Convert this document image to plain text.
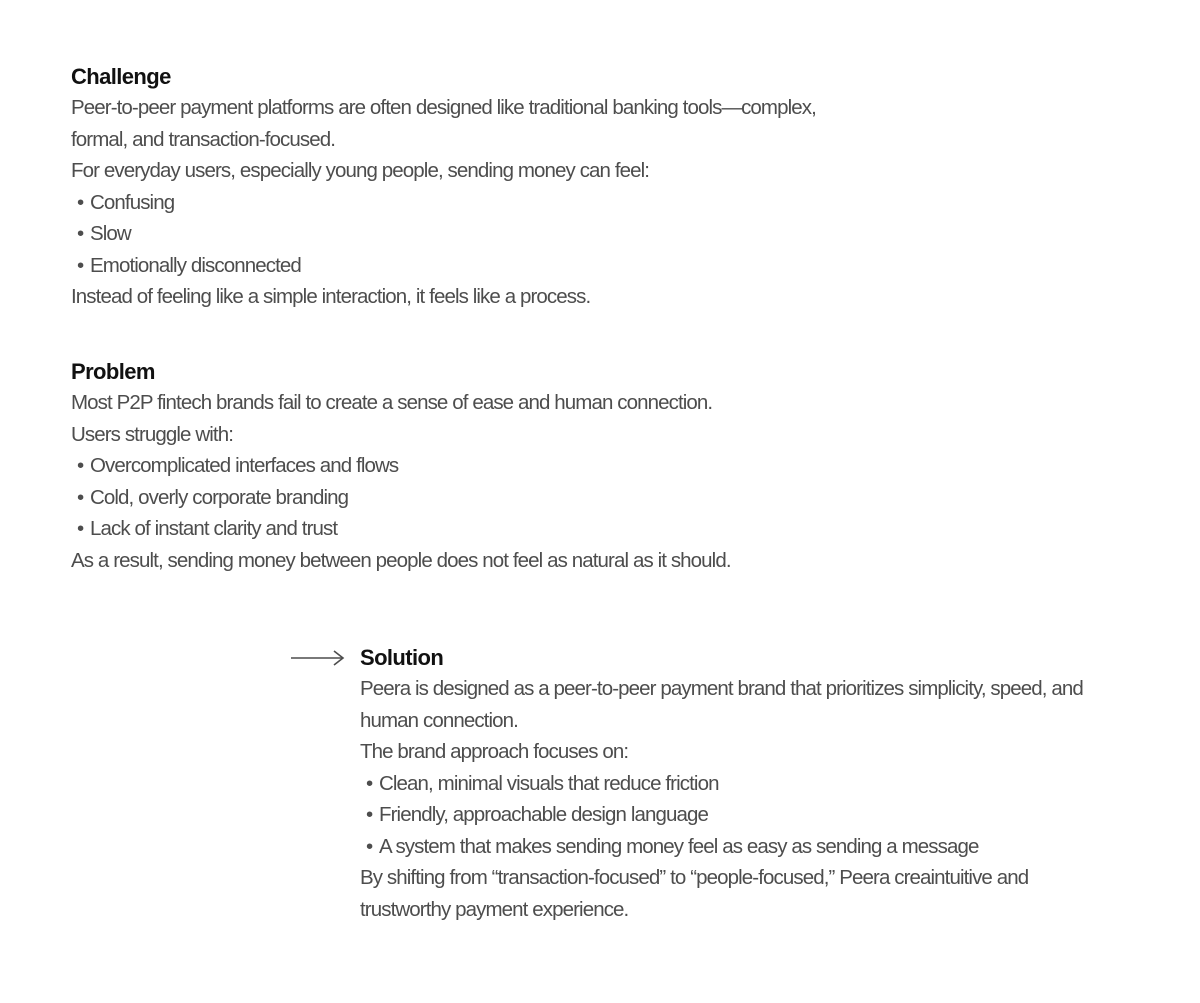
Challenge

Peer-to-peer payment platforms are often designed like traditional banking tools—complex,

formal, and transaction-focused.

For everyday users, especially young people, sending money can feel:

• Confusing

• Slow

• Emotionally disconnected

Instead of feeling like a simple interaction, it feels like a process.

Problem

Most P2P fintech brands fail to create a sense of ease and human connection.

Users struggle with:

• Overcomplicated interfaces and flows

• Cold, overly corporate branding

• Lack of instant clarity and trust

As a result, sending money between people does not feel as natural as it should.

Solution

Peera is designed as a peer-to-peer payment brand that prioritizes simplicity, speed, and

human connection.

The brand approach focuses on:

• Clean, minimal visuals that reduce friction

• Friendly, approachable design language

• A system that makes sending money feel as easy as sending a message

By shifting from “transaction-focused” to “people-focused,” Peera creaintuitive and

trustworthy payment experience.
